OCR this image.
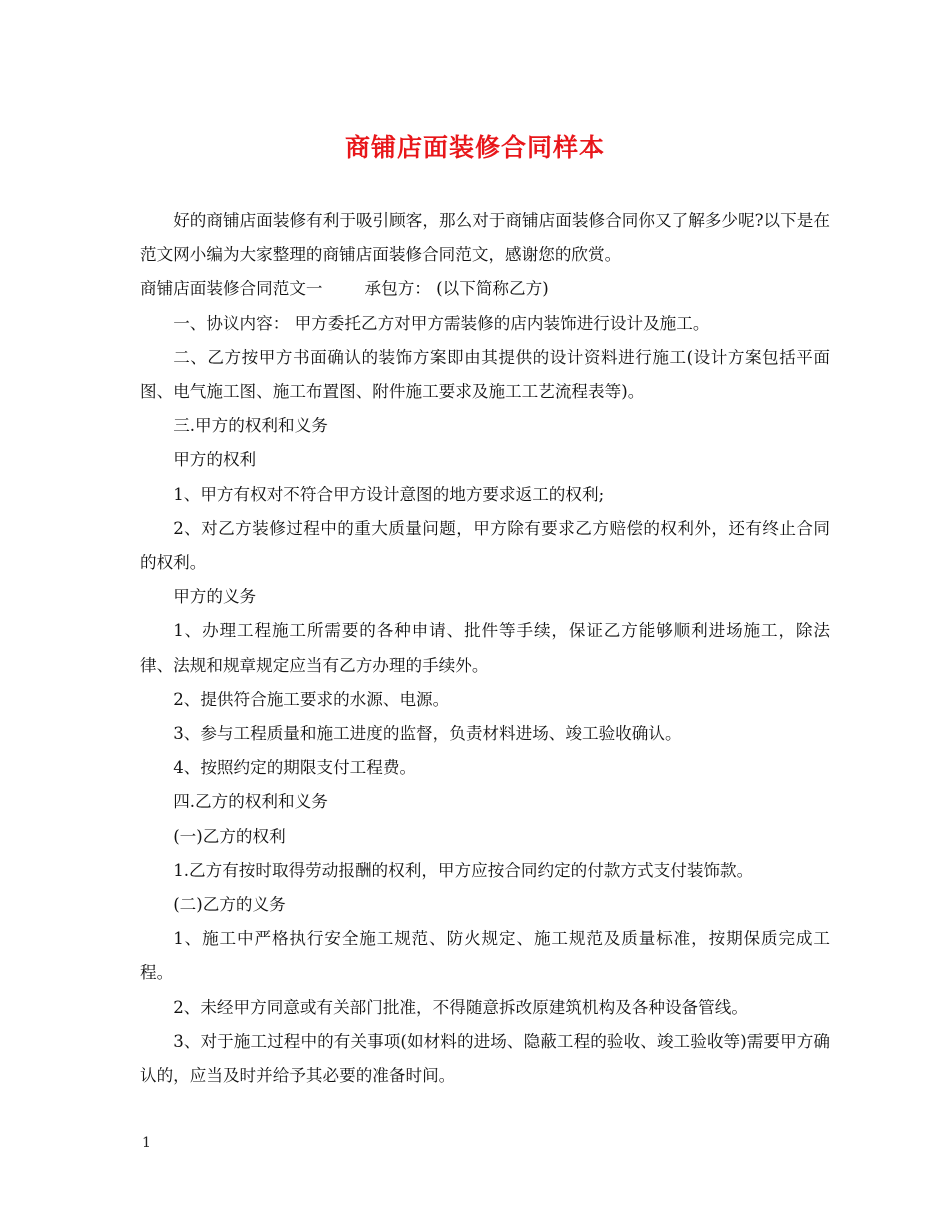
商铺店面装修合同样本

好的商铺店面装修有利于吸引顾客，那么对于商铺店面装修合同你又了解多少呢?以下是在范文网小编为大家整理的商铺店面装修合同范文，感谢您的欣赏。

商铺店面装修合同范文一	承包方： (以下简称乙方)

一、协议内容： 甲方委托乙方对甲方需装修的店内装饰进行设计及施工。

二、乙方按甲方书面确认的装饰方案即由其提供的设计资料进行施工(设计方案包括平面图、电气施工图、施工布置图、附件施工要求及施工工艺流程表等)。

三.甲方的权利和义务

甲方的权利

1、甲方有权对不符合甲方设计意图的地方要求返工的权利;

2、对乙方装修过程中的重大质量问题，甲方除有要求乙方赔偿的权利外，还有终止合同的权利。

甲方的义务

1、办理工程施工所需要的各种申请、批件等手续，保证乙方能够顺利进场施工，除法律、法规和规章规定应当有乙方办理的手续外。

2、提供符合施工要求的水源、电源。

3、参与工程质量和施工进度的监督，负责材料进场、竣工验收确认。

4、按照约定的期限支付工程费。

四.乙方的权利和义务

(一)乙方的权利

1.乙方有按时取得劳动报酬的权利，甲方应按合同约定的付款方式支付装饰款。

(二)乙方的义务

1、施工中严格执行安全施工规范、防火规定、施工规范及质量标准，按期保质完成工程。

2、未经甲方同意或有关部门批准，不得随意拆改原建筑机构及各种设备管线。

3、对于施工过程中的有关事项(如材料的进场、隐蔽工程的验收、竣工验收等)需要甲方确认的，应当及时并给予其必要的准备时间。

1
